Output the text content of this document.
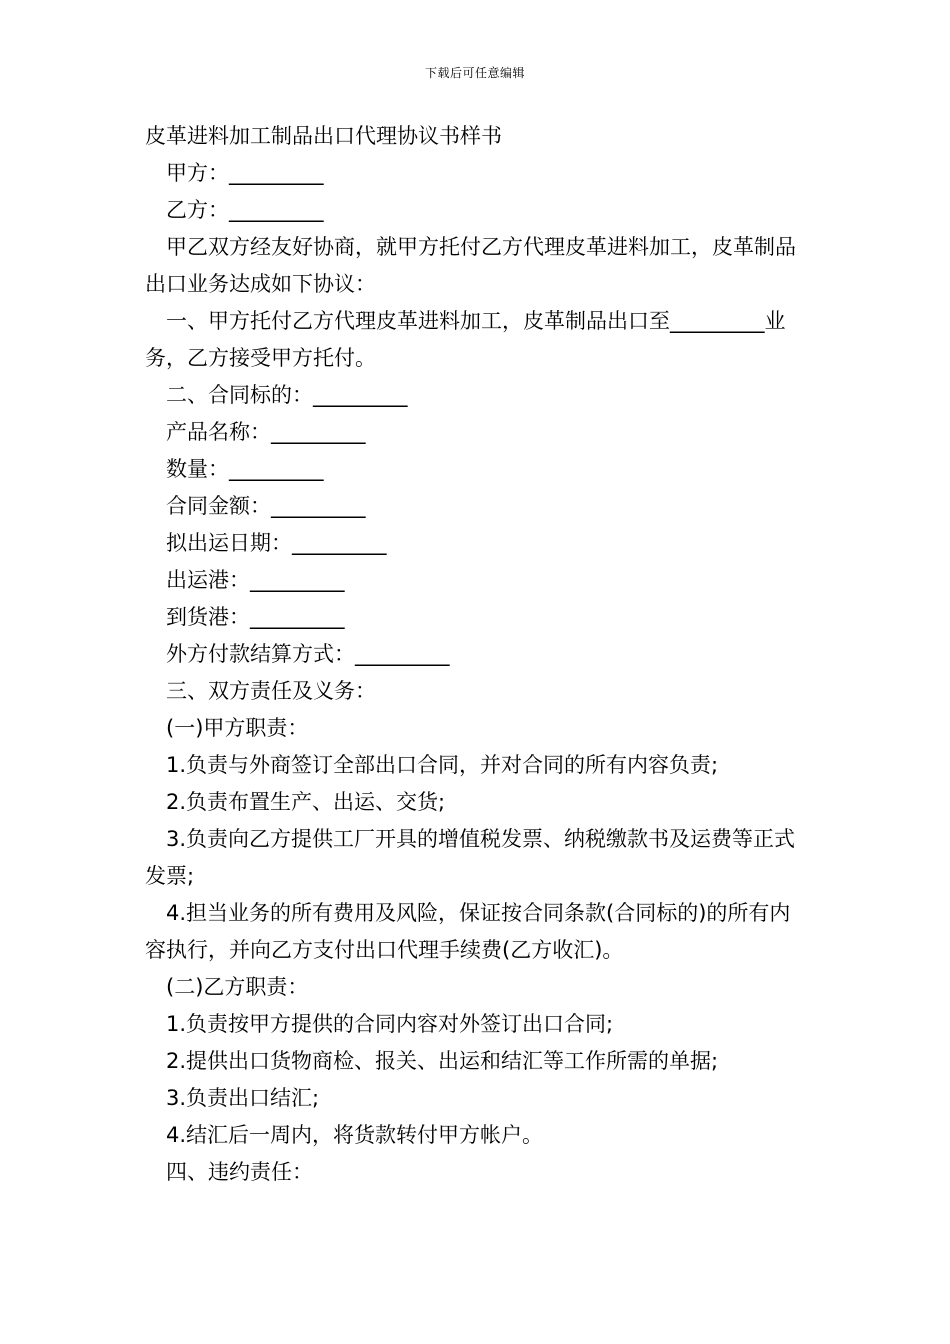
下载后可任意编辑

皮革进料加工制品出口代理协议书样书

甲方：_________

乙方：_________

甲乙双方经友好协商，就甲方托付乙方代理皮革进料加工，皮革制品出口业务达成如下协议：

一、甲方托付乙方代理皮革进料加工，皮革制品出口至_________业务，乙方接受甲方托付。

二、合同标的：_________

产品名称：_________

数量：_________

合同金额：_________

拟出运日期：_________

出运港：_________

到货港：_________

外方付款结算方式：_________

三、双方责任及义务：

(一)甲方职责：

1.负责与外商签订全部出口合同，并对合同的所有内容负责;

2.负责布置生产、出运、交货;

3.负责向乙方提供工厂开具的增值税发票、纳税缴款书及运费等正式发票;

4.担当业务的所有费用及风险，保证按合同条款(合同标的)的所有内容执行，并向乙方支付出口代理手续费(乙方收汇)。

(二)乙方职责：

1.负责按甲方提供的合同内容对外签订出口合同;

2.提供出口货物商检、报关、出运和结汇等工作所需的单据;

3.负责出口结汇;

4.结汇后一周内，将货款转付甲方帐户。

四、违约责任：
